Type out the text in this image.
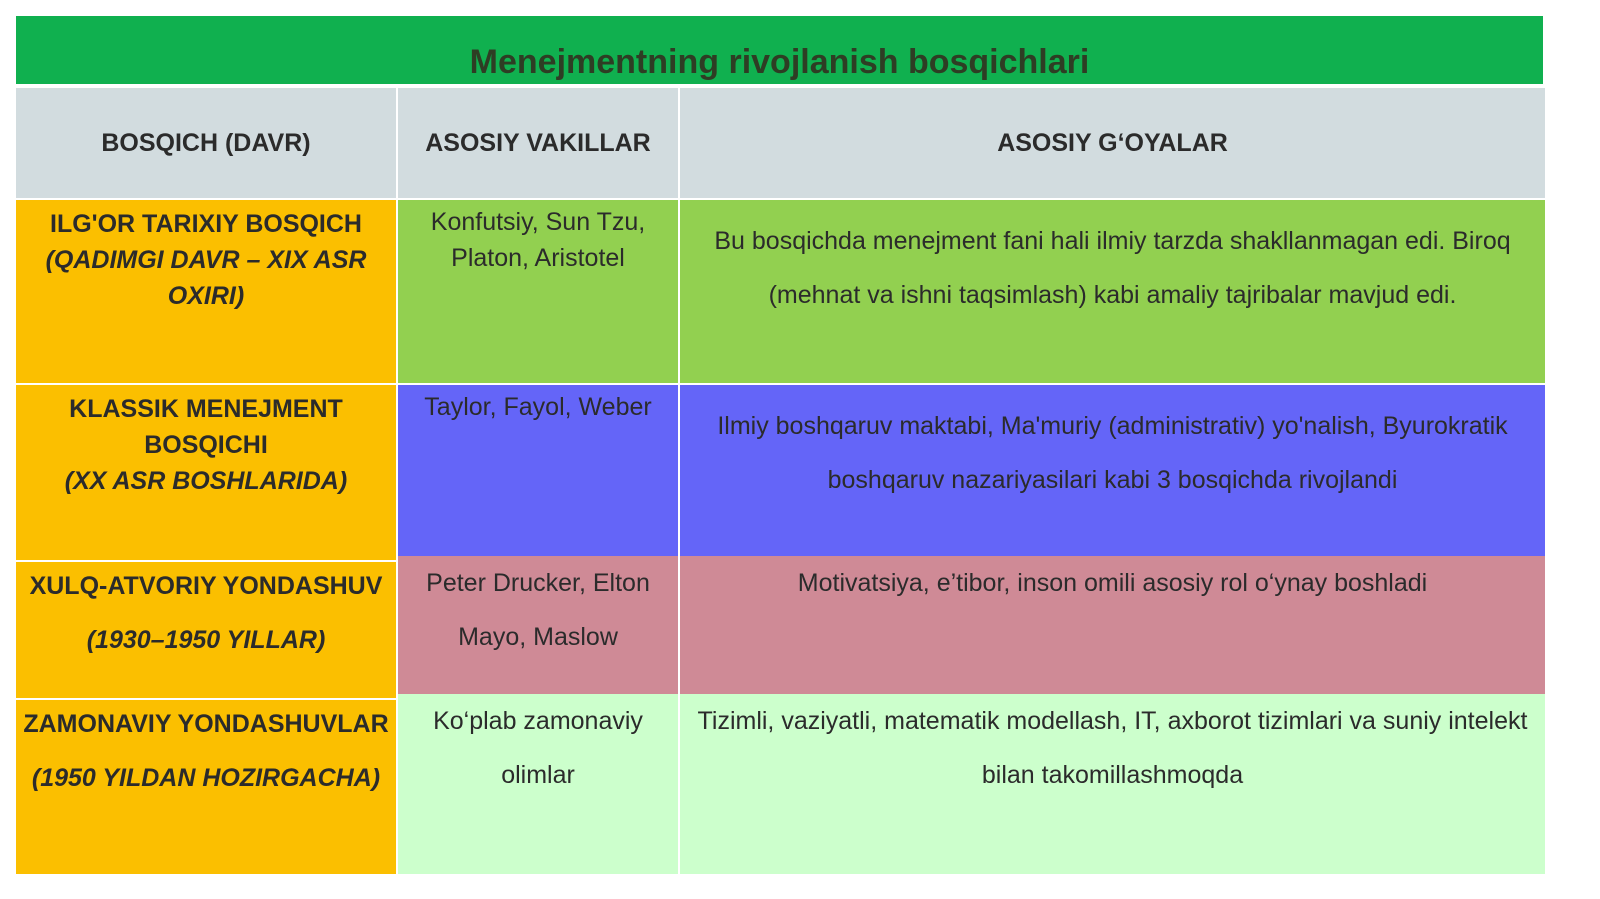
Menejmentning rivojlanish bosqichlari
BOSQICH (DAVR)	ASOSIY VAKILLAR	ASOSIY G‘OYALAR
ILG'OR TARIXIY BOSQICH
(QADIMGI DAVR – XIX ASR OXIRI)
Konfutsiy, Sun Tzu, Platon, Aristotel
Bu bosqichda menejment fani hali ilmiy tarzda shakllanmagan edi. Biroq (mehnat va ishni taqsimlash) kabi amaliy tajribalar mavjud edi.
KLASSIK MENEJMENT BOSQICHI
(XX ASR BOSHLARIDA)
Taylor, Fayol, Weber
Ilmiy boshqaruv maktabi, Ma'muriy (administrativ) yo'nalish, Byurokratik boshqaruv nazariyasilari kabi 3 bosqichda rivojlandi
XULQ-ATVORIY YONDASHUV
(1930–1950 YILLAR)
Peter Drucker, Elton Mayo, Maslow
Motivatsiya, e’tibor, inson omili asosiy rol o‘ynay boshladi
ZAMONAVIY YONDASHUVLAR
(1950 YILDAN HOZIRGACHA)
Ko‘plab zamonaviy olimlar
Tizimli, vaziyatli, matematik modellash, IT, axborot tizimlari va suniy intelekt bilan takomillashmoqda
